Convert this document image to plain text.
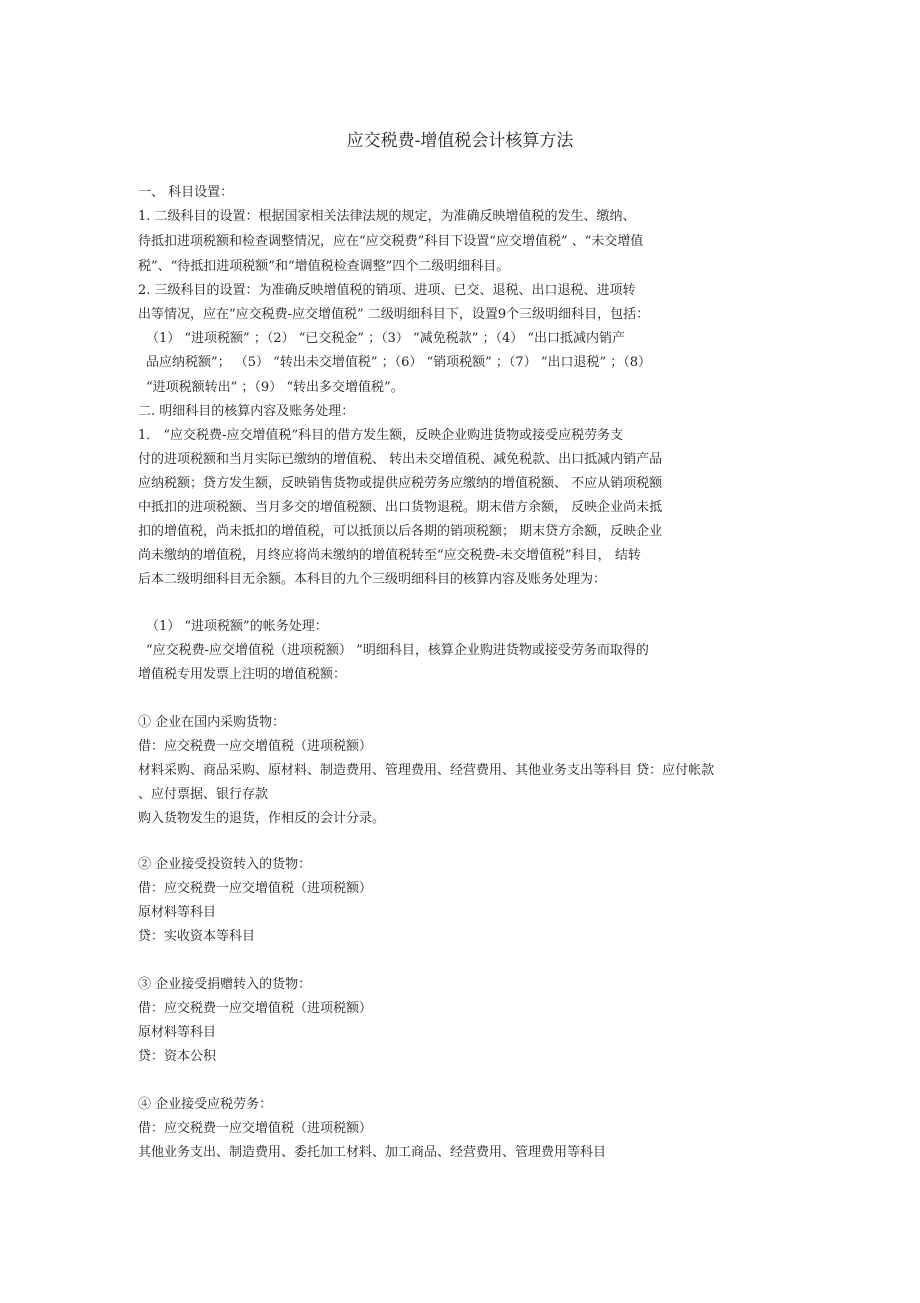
应交税费-增值税会计核算方法
一、 科目设置：
1. 二级科目的设置：根据国家相关法律法规的规定，为准确反映增值税的发生、缴纳、
待抵扣进项税额和检查调整情况，应在“应交税费”科目下设置“应交增值税” 、“未交增值
税”、“待抵扣进项税额”和“增值税检查调整”四个二级明细科目。
2. 三级科目的设置：为准确反映增值税的销项、进项、已交、退税、出口退税、进项转
出等情况，应在“应交税费-应交增值税” 二级明细科目下，设置9个三级明细科目，包括：
（1） “进项税额” ；（2） “已交税金” ；（3） “减免税款” ；（4） “出口抵减内销产
品应纳税额”； （5） “转出未交增值税” ；（6） “销项税额” ；（7） “出口退税” ；（8）
“进项税额转出” ；（9） “转出多交增值税”。
二. 明细科目的核算内容及账务处理：
1． “应交税费-应交增值税”科目的借方发生额，反映企业购进货物或接受应税劳务支
付的进项税额和当月实际已缴纳的增值税、 转出未交增值税、减免税款、出口抵减内销产品
应纳税额；贷方发生额，反映销售货物或提供应税劳务应缴纳的增值税额、 不应从销项税额
中抵扣的进项税额、当月多交的增值税额、出口货物退税。期末借方余额， 反映企业尚未抵
扣的增值税，尚未抵扣的增值税，可以抵顶以后各期的销项税额； 期末贷方余额，反映企业
尚未缴纳的增值税，月终应将尚未缴纳的增值税转至“应交税费-未交增值税”科目， 结转
后本二级明细科目无余额。本科目的九个三级明细科目的核算内容及账务处理为：
（1） “进项税额”的帐务处理：
“应交税费-应交增值税（进项税额） ”明细科目，核算企业购进货物或接受劳务而取得的
增值税专用发票上注明的增值税额：
① 企业在国内采购货物：
借：应交税费一应交增值税（进项税额）
材料采购、商品采购、原材料、制造费用、管理费用、经营费用、其他业务支出等科目 贷：应付帐款
、应付票据、银行存款
购入货物发生的退货，作相反的会计分录。
② 企业接受投资转入的货物：
借：应交税费一应交增值税（进项税额）
原材料等科目
贷：实收资本等科目
③ 企业接受捐赠转入的货物：
借：应交税费一应交增值税（进项税额）
原材料等科目
贷：资本公积
④ 企业接受应税劳务：
借：应交税费一应交增值税（进项税额）
其他业务支出、制造费用、委托加工材料、加工商品、经营费用、管理费用等科目
